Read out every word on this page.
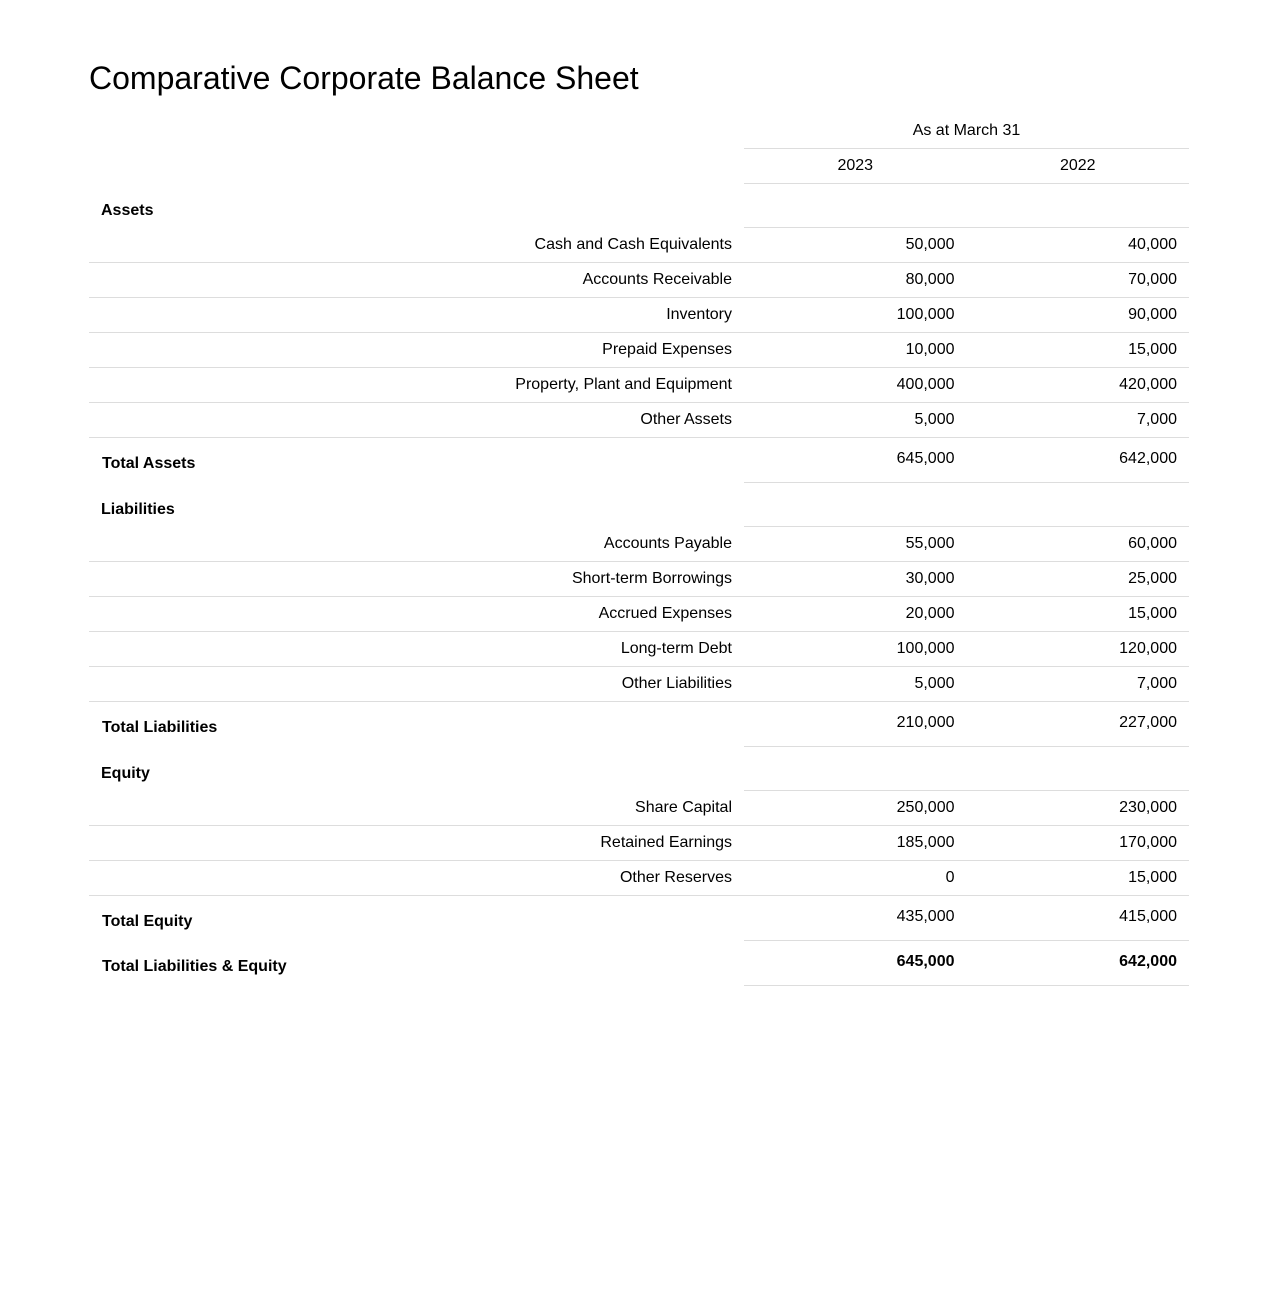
Comparative Corporate Balance Sheet
As at March 31
2023	2022
Assets
Cash and Cash Equivalents	50,000	40,000
Accounts Receivable	80,000	70,000
Inventory	100,000	90,000
Prepaid Expenses	10,000	15,000
Property, Plant and Equipment	400,000	420,000
Other Assets	5,000	7,000
Total Assets	645,000	642,000
Liabilities
Accounts Payable	55,000	60,000
Short-term Borrowings	30,000	25,000
Accrued Expenses	20,000	15,000
Long-term Debt	100,000	120,000
Other Liabilities	5,000	7,000
Total Liabilities	210,000	227,000
Equity
Share Capital	250,000	230,000
Retained Earnings	185,000	170,000
Other Reserves	0	15,000
Total Equity	435,000	415,000
Total Liabilities & Equity	645,000	642,000
